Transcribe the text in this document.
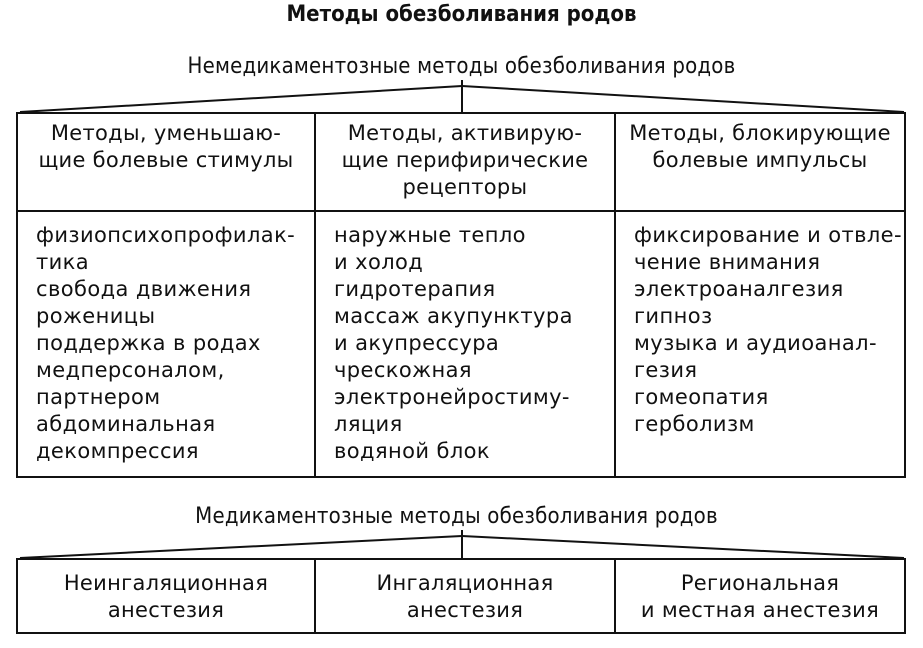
Методы обезболивания родов
Немедикаментозные методы обезболивания родов
Методы, уменьшаю-
щие болевые стимулы
Методы, активирую-
щие перифирические
рецепторы
Методы, блокирующие
болевые импульсы
физиопсихопрофилак-
тика
свобода движения
роженицы
поддержка в родах
медперсоналом,
партнером
абдоминальная
декомпрессия
наружные тепло
и холод
гидротерапия
массаж акупунктура
и акупрессура
чрескожная
электронейростиму-
ляция
водяной блок
фиксирование и отвле-
чение внимания
электроаналгезия
гипноз
музыка и аудиоанал-
гезия
гомеопатия
герболизм
Медикаментозные методы обезболивания родов
Неингаляционная
анестезия
Ингаляционная
анестезия
Региональная
и местная анестезия
